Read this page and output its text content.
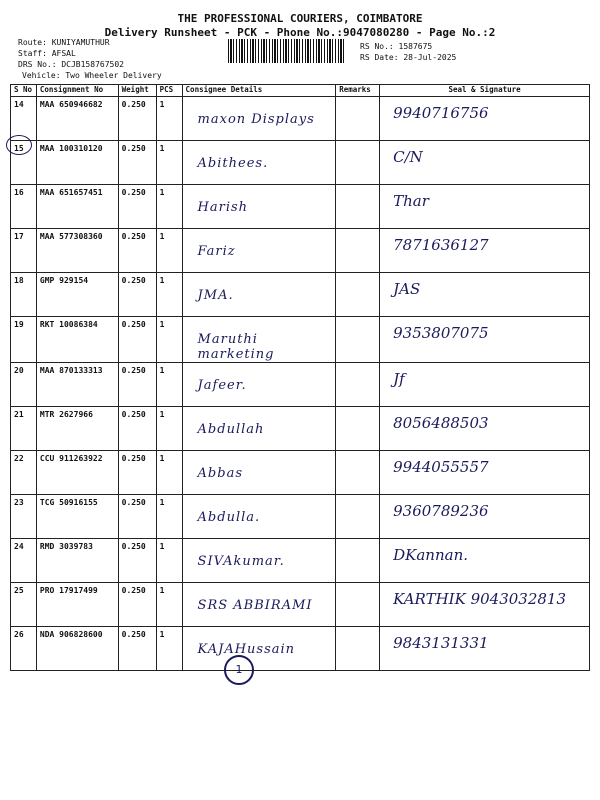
THE PROFESSIONAL COURIERS, COIMBATORE
Delivery Runsheet - PCK - Phone No.:9047080280 - Page No.:2
Route: KUNIYAMUTHUR
Staff: AFSAL
DRS No.: DCJB158767502
Vehicle: Two Wheeler Delivery
RS No.: 1587675
RS Date: 28-Jul-2025
S No	Consignment No	Weight	PCS	Consignee Details	Remarks	Seal & Signature
14	MAA 650946682	0.250	1	maxon Displays		9940716756
15	MAA 100310120	0.250	1	Abithees.		C/N
16	MAA 651657451	0.250	1	Harish		Thar
17	MAA 577308360	0.250	1	Fariz		7871636127
18	GMP 929154	0.250	1	JMA.		JAS
19	RKT 10086384	0.250	1	Maruthi marketing		9353807075
20	MAA 870133313	0.250	1	Jafeer.		Jf
21	MTR 2627966	0.250	1	Abdullah		8056488503
22	CCU 911263922	0.250	1	Abbas		9944055557
23	TCG 50916155	0.250	1	Abdulla.		9360789236
24	RMD 3039783	0.250	1	SIVAkumar.		DKannan.
25	PRO 17917499	0.250	1	SRS ABBIRAMI		KARTHIK 9043032813
26	NDA 906828600	0.250	1	KAJAHussain		9843131331
1
